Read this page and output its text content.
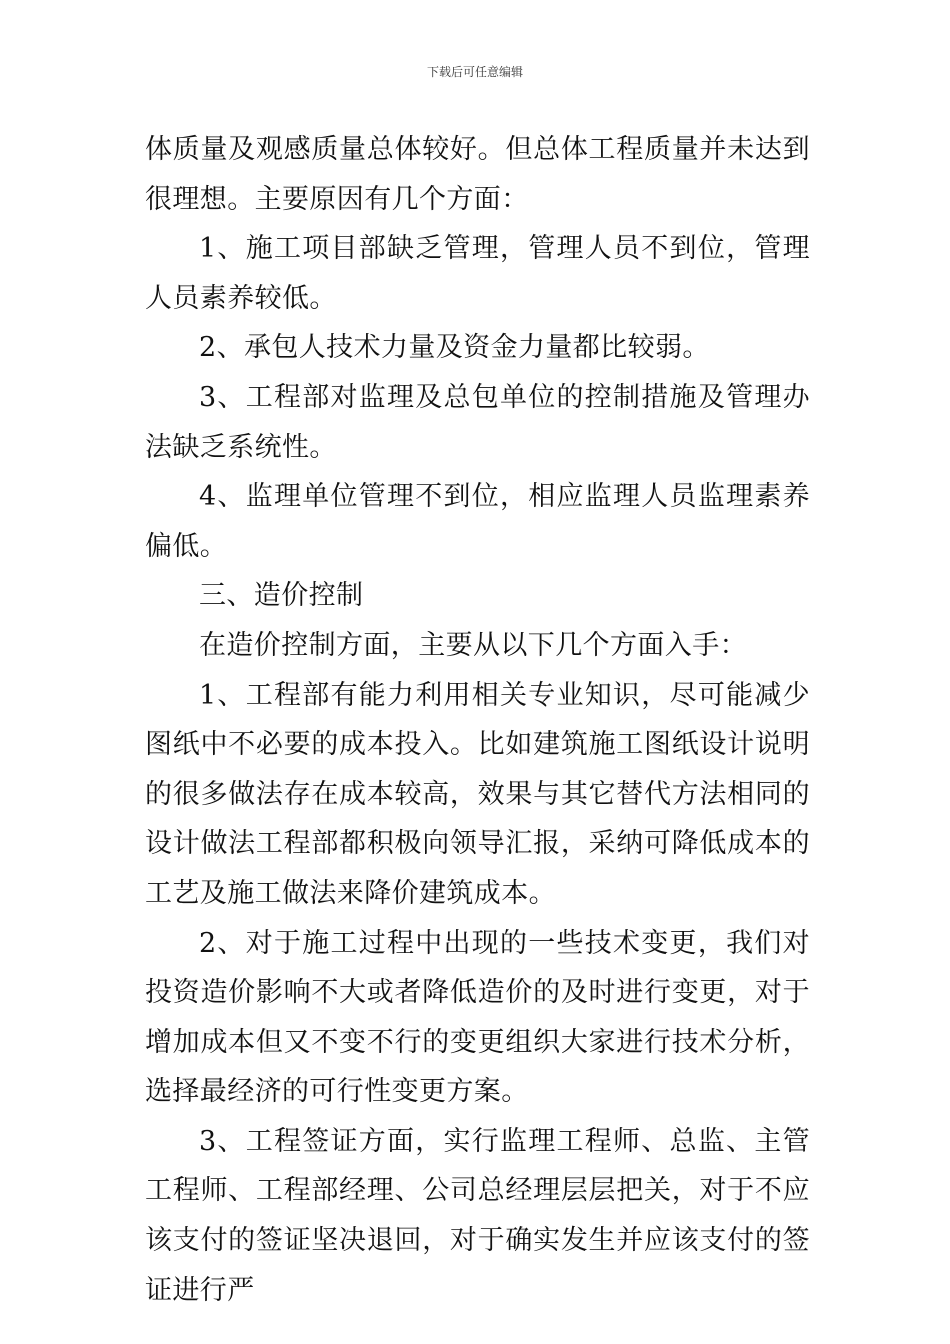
下载后可任意编辑

体质量及观感质量总体较好。但总体工程质量并未达到很理想。主要原因有几个方面：

1、施工项目部缺乏管理，管理人员不到位，管理人员素养较低。

2、承包人技术力量及资金力量都比较弱。

3、工程部对监理及总包单位的控制措施及管理办法缺乏系统性。

4、监理单位管理不到位，相应监理人员监理素养偏低。

三、造价控制

在造价控制方面，主要从以下几个方面入手：

1、工程部有能力利用相关专业知识，尽可能减少图纸中不必要的成本投入。比如建筑施工图纸设计说明的很多做法存在成本较高，效果与其它替代方法相同的设计做法工程部都积极向领导汇报，采纳可降低成本的工艺及施工做法来降价建筑成本。

2、对于施工过程中出现的一些技术变更，我们对投资造价影响不大或者降低造价的及时进行变更，对于增加成本但又不变不行的变更组织大家进行技术分析，选择最经济的可行性变更方案。

3、工程签证方面，实行监理工程师、总监、主管工程师、工程部经理、公司总经理层层把关，对于不应该支付的签证坚决退回，对于确实发生并应该支付的签证进行严
